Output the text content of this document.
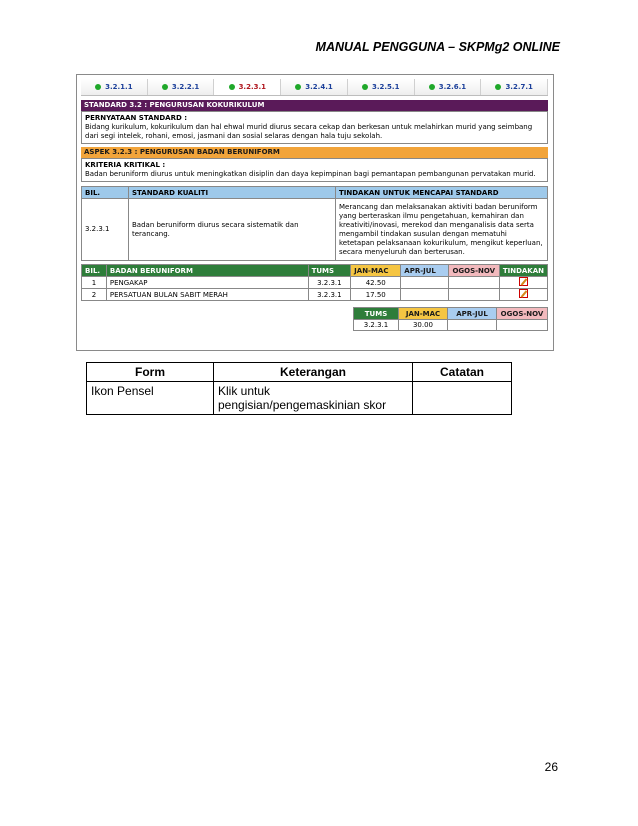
MANUAL PENGGUNA – SKPMg2 ONLINE
3.2.1.1	3.2.2.1	3.2.3.1	3.2.4.1	3.2.5.1	3.2.6.1	3.2.7.1
STANDARD 3.2 : PENGURUSAN KOKURIKULUM
PERNYATAAN STANDARD :
Bidang kurikulum, kokurikulum dan hal ehwal murid diurus secara cekap dan berkesan untuk melahirkan murid yang seimbang dari segi intelek, rohani, emosi, jasmani dan sosial selaras dengan hala tuju sekolah.
ASPEK 3.2.3 : PENGURUSAN BADAN BERUNIFORM
KRITERIA KRITIKAL :
Badan beruniform diurus untuk meningkatkan disiplin dan daya kepimpinan bagi pemantapan pembangunan pervatakan murid.
BIL.	STANDARD KUALITI	TINDAKAN UNTUK MENCAPAI STANDARD
3.2.3.1	Badan beruniform diurus secara sistematik dan terancang.	Merancang dan melaksanakan aktiviti badan beruniform yang berteraskan ilmu pengetahuan, kemahiran dan kreativiti/inovasi, merekod dan menganalisis data serta mengambil tindakan susulan dengan mematuhi ketetapan pelaksanaan kokurikulum, mengikut keperluan, secara menyeluruh dan berterusan.
BIL.	BADAN BERUNIFORM	TUMS	JAN-MAC	APR-JUL	OGOS-NOV	TINDAKAN
1	PENGAKAP	3.2.3.1	42.50			
2	PERSATUAN BULAN SABIT MERAH	3.2.3.1	17.50			
TUMS	JAN-MAC	APR-JUL	OGOS-NOV
3.2.3.1	30.00		
Form	Keterangan	Catatan
Ikon Pensel	Klik untuk pengisian/pengemaskinian skor	
26
